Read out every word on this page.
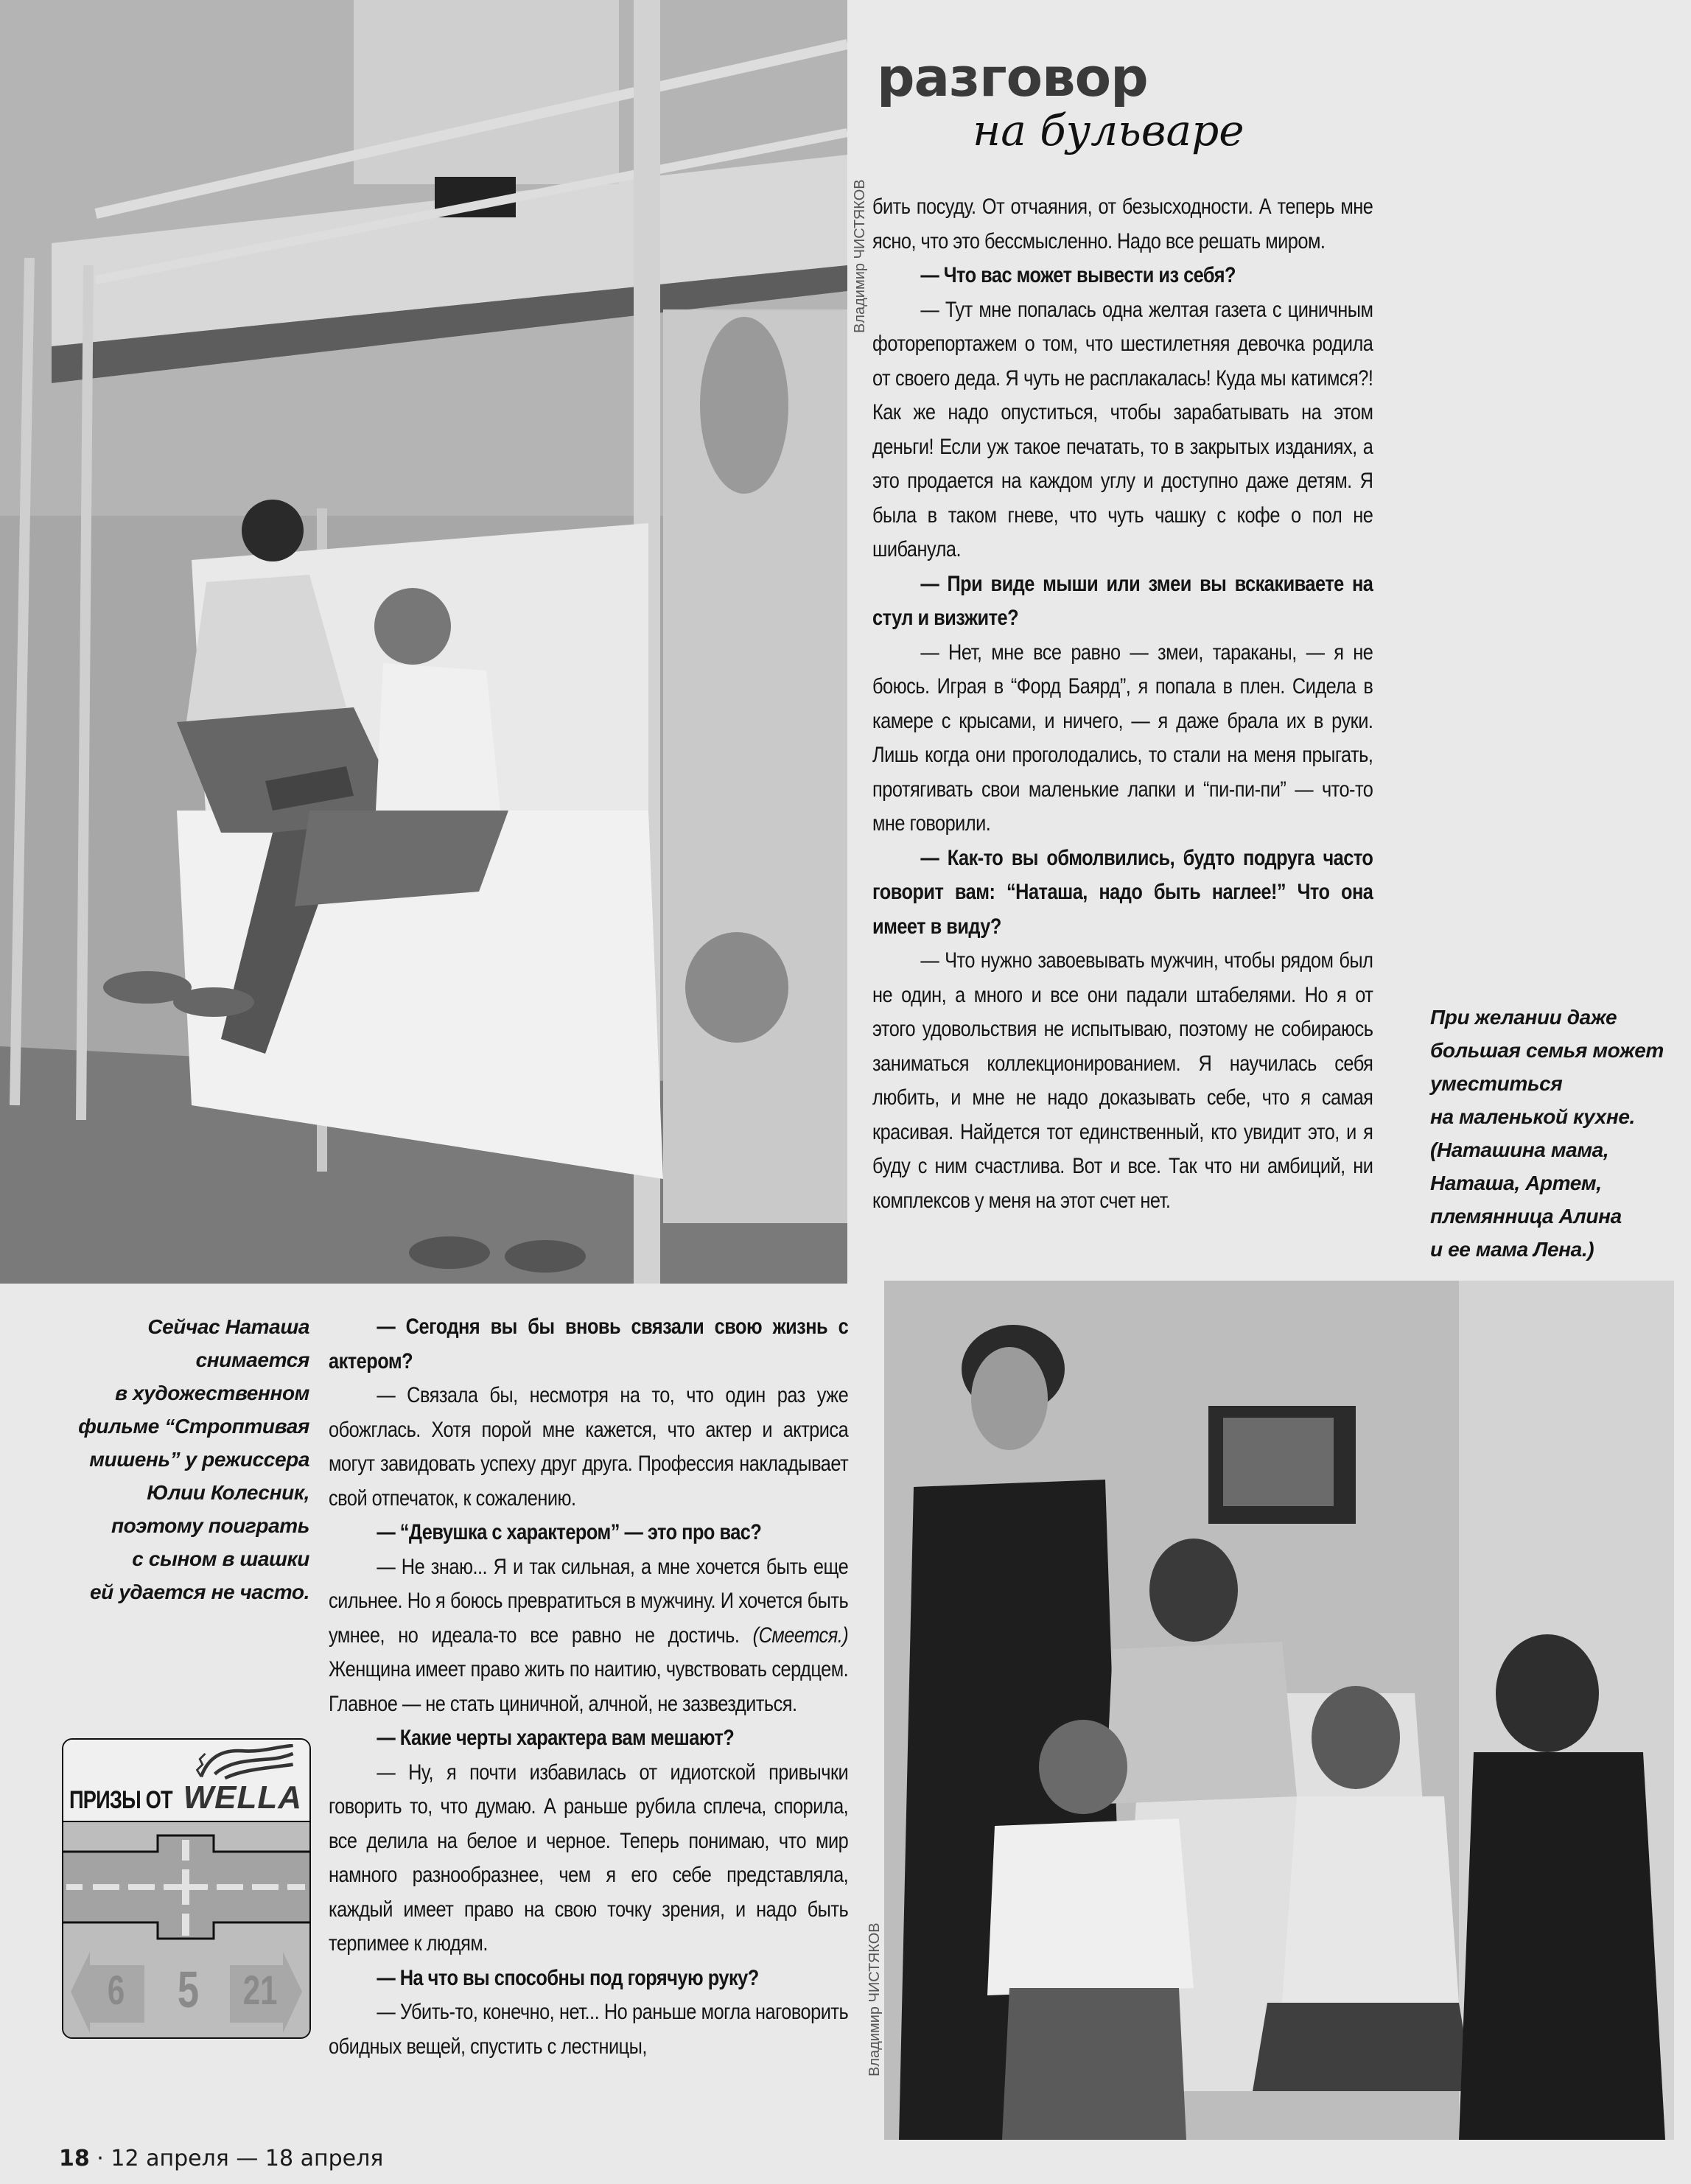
Владимир ЧИСТЯКОВ
разговор
на бульваре

бить посуду. От отчаяния, от безысходности. А теперь мне ясно, что это бессмысленно. Надо все решать миром.

— Что вас может вывести из себя?

— Тут мне попалась одна желтая газета с циничным фоторепортажем о том, что шестилетняя девочка родила от своего деда. Я чуть не расплакалась! Куда мы катимся?! Как же надо опуститься, чтобы зарабатывать на этом деньги! Если уж такое печатать, то в закрытых изданиях, а это продается на каждом углу и доступно даже детям. Я была в таком гневе, что чуть чашку с кофе о пол не шибанула.

— При виде мыши или змеи вы вскакиваете на стул и визжите?

— Нет, мне все равно — змеи, тараканы, — я не боюсь. Играя в “Форд Баярд”, я попала в плен. Сидела в камере с крысами, и ничего, — я даже брала их в руки. Лишь когда они проголодались, то стали на меня прыгать, протягивать свои маленькие лапки и “пи-пи-пи” — что-то мне говорили.

— Как-то вы обмолвились, будто подруга часто говорит вам: “Наташа, надо быть наглее!” Что она имеет в виду?

— Что нужно завоевывать мужчин, чтобы рядом был не один, а много и все они падали штабелями. Но я от этого удовольствия не испытываю, поэтому не собираюсь заниматься коллекционированием. Я научилась себя любить, и мне не надо доказывать себе, что я самая красивая. Найдется тот единственный, кто увидит это, и я буду с ним счастлива. Вот и все. Так что ни амбиций, ни комплексов у меня на этот счет нет.

При желании даже
большая семья может
уместиться
на маленькой кухне.
(Наташина мама,
Наташа, Артем,
племянница Алина
и ее мама Лена.)
Сейчас Наташа
снимается
в художественном
фильме “Строптивая
мишень” у режиссера
Юлии Колесник,
поэтому поиграть
с сыном в шашки
ей удается не часто.

— Сегодня вы бы вновь связали свою жизнь с актером?

— Связала бы, несмотря на то, что один раз уже обожглась. Хотя порой мне кажется, что актер и актриса могут завидовать успеху друг друга. Профессия накладывает свой отпечаток, к сожалению.

— “Девушка с характером” — это про вас?

— Не знаю... Я и так сильная, а мне хочется быть еще сильнее. Но я боюсь превратиться в мужчину. И хочется быть умнее, но идеала-то все равно не достичь. (Смеется.) Женщина имеет право жить по наитию, чувствовать сердцем. Главное — не стать циничной, алчной, не зазвездиться.

— Какие черты характера вам мешают?

— Ну, я почти избавилась от идиотской привычки говорить то, что думаю. А раньше рубила сплеча, спорила, все делила на белое и черное. Теперь понимаю, что мир намного разнообразнее, чем я его себе представляла, каждый имеет право на свою точку зрения, и надо быть терпимее к людям.

— На что вы способны под горячую руку?

— Убить-то, конечно, нет... Но раньше могла наговорить обидных вещей, спустить с лестницы,

ПРИЗЫ ОТ WELLA
6 5 21	Владимир ЧИСТЯКОВ
18 · 12 апреля — 18 апреля
